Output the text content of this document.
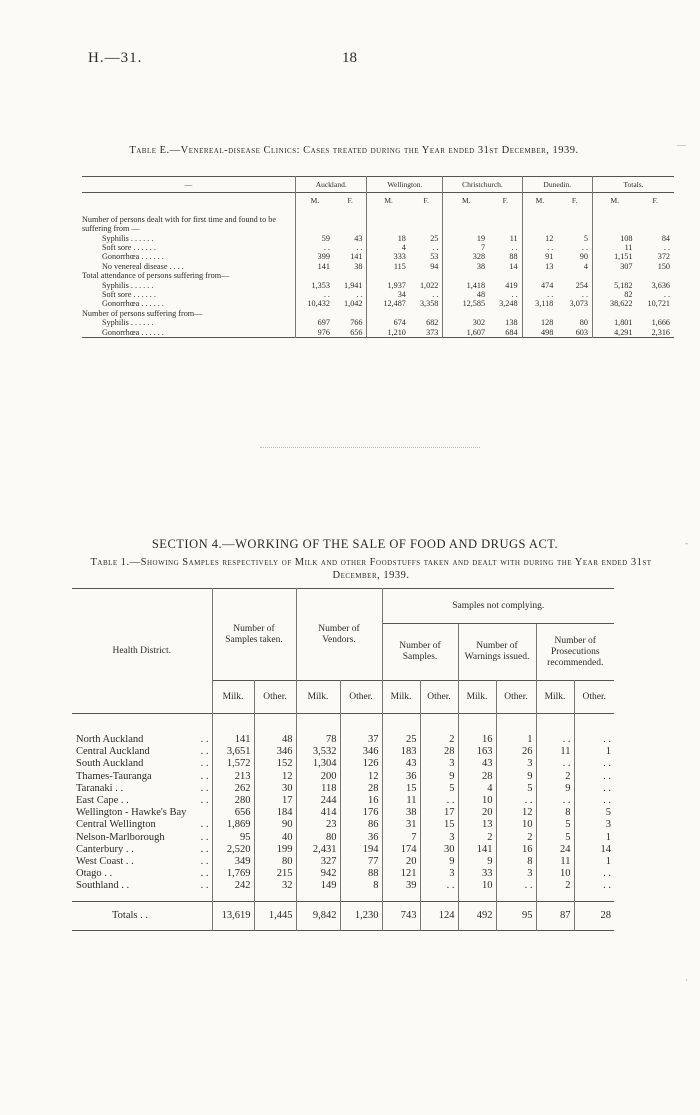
H.—31.	18
—
-
·
Table E.—Venereal-disease Clinics: Cases treated during the Year ended 31st December, 1939.
—	Auckland.		Wellington.		Christchurch.		Dunedin.		Totals.	
	M.	F.	M.	F.	M.	F.	M.	F.	M.	F.
Number of persons dealt with for first time and found to be suffering from —										
Syphilis . . . . . .	59	43	18	25	19	11	12	5	108	84
Soft sore . . . . . .	. .	. .	4	. .	7	. .	. .	. .	11	. .
Gonorrhœa . . . . . .	399	141	333	53	328	88	91	90	1,151	372
No venereal disease . . . .	141	38	115	94	38	14	13	4	307	150
Total attendance of persons suffering from—										
Syphilis . . . . . .	1,353	1,941	1,937	1,022	1,418	419	474	254	5,182	3,636
Soft sore . . . . . .	. .	. .	34	. .	48	. .	. .	. .	82	. .
Gonorrhœa . . . . . .	10,432	1,042	12,487	3,358	12,585	3,248	3,118	3,073	38,622	10,721
Number of persons suffering from—										
Syphilis . . . . . .	697	766	674	682	302	138	128	80	1,801	1,666
Gonorrhœa . . . . . .	976	656	1,210	373	1,607	684	498	603	4,291	2,316
SECTION 4.—WORKING OF THE SALE OF FOOD AND DRUGS ACT.
Table 1.—Showing Samples respectively of Milk and other Foodstuffs taken and dealt with during the Year ended 31st December, 1939.
Health District.	Number of Samples taken.		Number of Vendors.		Samples not complying.					
					Number of Samples.		Number of Warnings issued.		Number of Prosecutions recommended.	
	Milk.	Other.	Milk.	Other.	Milk.	Other.	Milk.	Other.	Milk.	Other.
North Auckland . .	141	48	78	37	25	2	16	1	. .	. .
Central Auckland . .	3,651	346	3,532	346	183	28	163	26	11	1
South Auckland . .	1,572	152	1,304	126	43	3	43	3	. .	. .
Thames-Tauranga . .	213	12	200	12	36	9	28	9	2	. .
Taranaki . . . .	262	30	118	28	15	5	4	5	9	. .
East Cape . . . .	280	17	244	16	11	. .	10	. .	. .	. .
Wellington - Hawke's Bay	656	184	414	176	38	17	20	12	8	5
Central Wellington . .	1,869	90	23	86	31	15	13	10	5	3
Nelson-Marlborough . .	95	40	80	36	7	3	2	2	5	1
Canterbury . . . .	2,520	199	2,431	194	174	30	141	16	24	14
West Coast . . . .	349	80	327	77	20	9	9	8	11	1
Otago . . . .	1,769	215	942	88	121	3	33	3	10	. .
Southland . . . .	242	32	149	8	39	. .	10	. .	2	. .
Totals . .	13,619	1,445	9,842	1,230	743	124	492	95	87	28
